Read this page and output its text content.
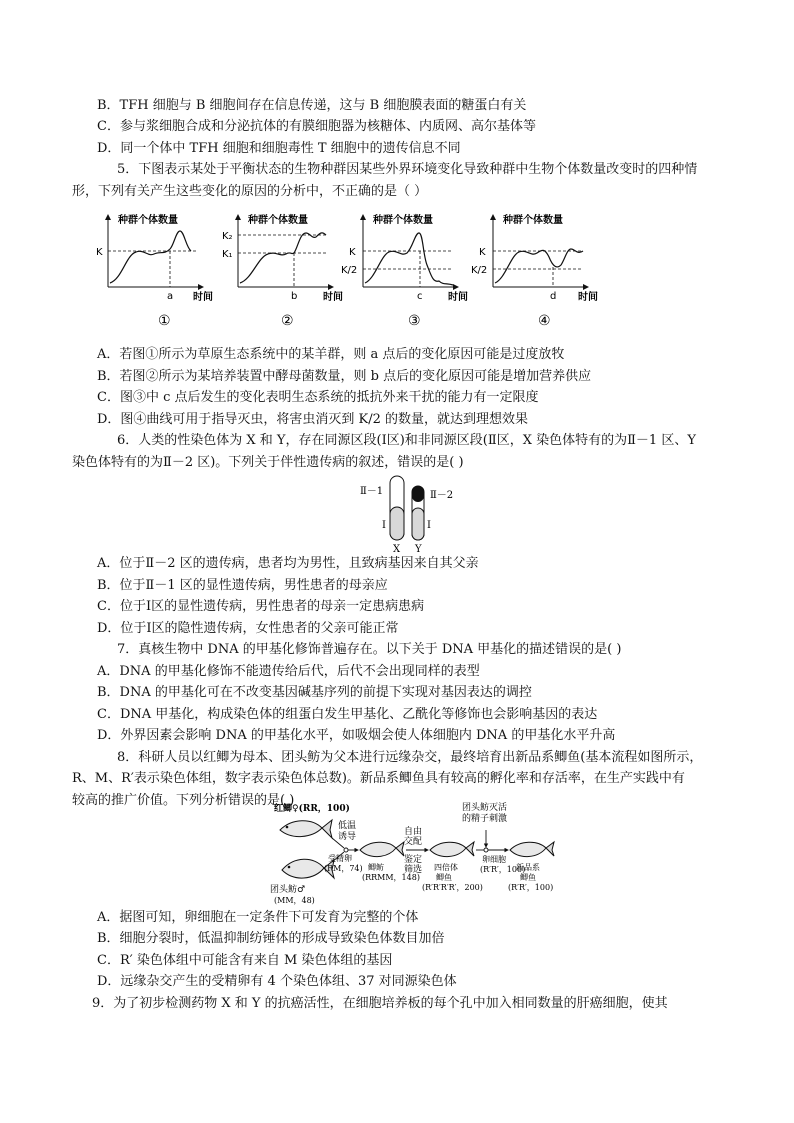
B．TFH 细胞与 B 细胞间存在信息传递，这与 B 细胞膜表面的糖蛋白有关
C．参与浆细胞合成和分泌抗体的有膜细胞器为核糖体、内质网、高尔基体等
D．同一个体中 TFH 细胞和细胞毒性 T 细胞中的遗传信息不同
5．下图表示某处于平衡状态的生物种群因某些外界环境变化导致种群中生物个体数量改变时的四种情
形，下列有关产生这些变化的原因的分析中，不正确的是（ ）
种群个体数量
时间
K
a
①
种群个体数量
时间
K₂
K₁
b
②
种群个体数量
时间
K
K/2
c
③
种群个体数量
时间
K
K/2
d
④
A．若图①所示为草原生态系统中的某羊群，则 a 点后的变化原因可能是过度放牧
B．若图②所示为某培养装置中酵母菌数量，则 b 点后的变化原因可能是增加营养供应
C．图③中 c 点后发生的变化表明生态系统的抵抗外来干扰的能力有一定限度
D．图④曲线可用于指导灭虫，将害虫消灭到 K/2 的数量，就达到理想效果
6．人类的性染色体为 X 和 Y，存在同源区段(Ⅰ区)和非同源区段(Ⅱ区，X 染色体特有的为Ⅱ－1 区、Y
染色体特有的为Ⅱ－2 区)。下列关于伴性遗传病的叙述，错误的是( )
Ⅱ－1	Ⅱ－2
Ⅰ	Ⅰ
X Y
A．位于Ⅱ－2 区的遗传病，患者均为男性，且致病基因来自其父亲
B．位于Ⅱ－1 区的显性遗传病，男性患者的母亲应
C．位于Ⅰ区的显性遗传病，男性患者的母亲一定患病患病
D．位于Ⅰ区的隐性遗传病，女性患者的父亲可能正常
7．真核生物中 DNA 的甲基化修饰普遍存在。以下关于 DNA 甲基化的描述错误的是( )
A．DNA 的甲基化修饰不能遗传给后代，后代不会出现同样的表型
B．DNA 的甲基化可在不改变基因碱基序列的前提下实现对基因表达的调控
C．DNA 甲基化，构成染色体的组蛋白发生甲基化、乙酰化等修饰也会影响基因的表达
D．外界因素会影响 DNA 的甲基化水平，如吸烟会使人体细胞内 DNA 的甲基化水平升高
8．科研人员以红鲫为母本、团头鲂为父本进行远缘杂交，最终培育出新品系鲫鱼(基本流程如图所示，
R、M、R′表示染色体组，数字表示染色体总数)。新品系鲫鱼具有较高的孵化率和存活率，在生产实践中有
较高的推广价值。下列分析错误的是( )
红鲫♀(RR，100)
团头鲂♂
(MM，48)
低温
诱导
受精卵
(RM，74) 鲫鲂
(RRMM，148)
自由
交配
鉴定
筛选 四倍体
鲫鱼
(R′R′R′R′，200)
团头鲂灭活
的精子刺激
卵细胞
(R′R′，100)
新品系
鲫鱼
(R′R′，100)
A．据图可知，卵细胞在一定条件下可发育为完整的个体
B．细胞分裂时，低温抑制纺锤体的形成导致染色体数目加倍
C．R′ 染色体组中可能含有来自 M 染色体组的基因
D．远缘杂交产生的受精卵有 4 个染色体组、37 对同源染色体
9．为了初步检测药物 X 和 Y 的抗癌活性，在细胞培养板的每个孔中加入相同数量的肝癌细胞，使其
